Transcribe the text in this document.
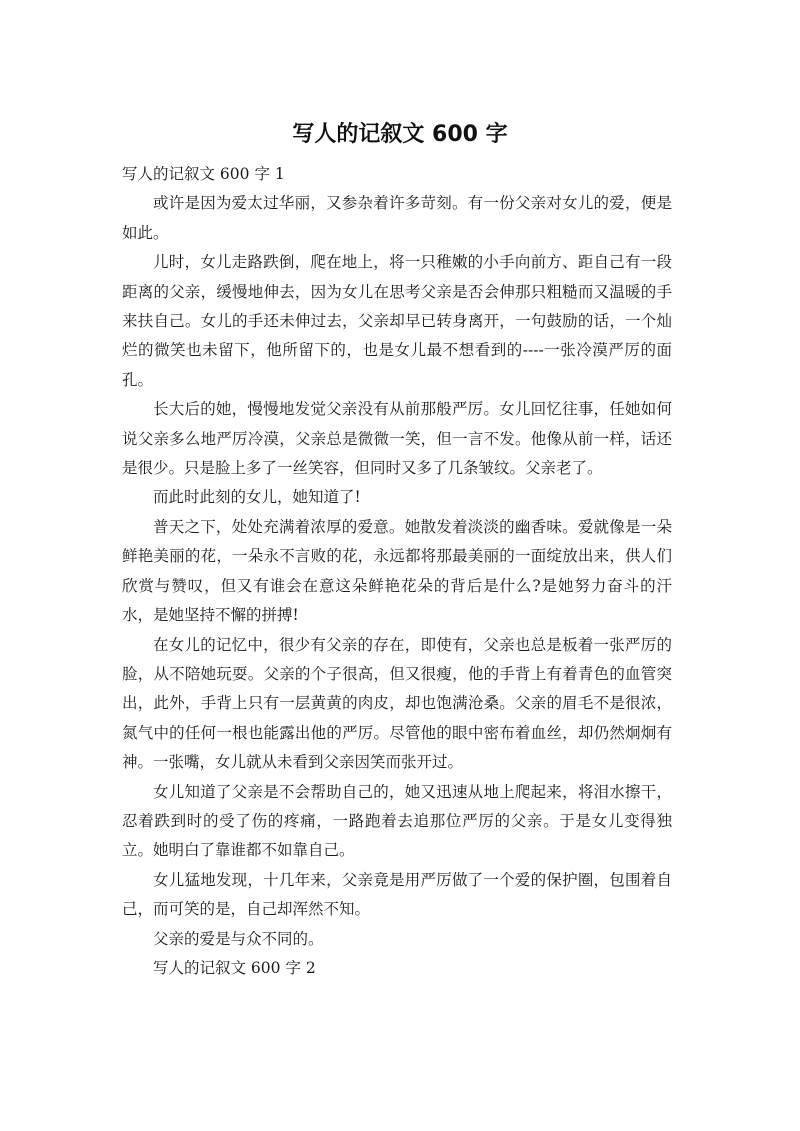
写人的记叙文 600 字

写人的记叙文 600 字 1

或许是因为爱太过华丽，又参杂着许多苛刻。有一份父亲对女儿的爱，便是如此。

儿时，女儿走路跌倒，爬在地上，将一只稚嫩的小手向前方、距自己有一段距离的父亲，缓慢地伸去，因为女儿在思考父亲是否会伸那只粗糙而又温暖的手来扶自己。女儿的手还未伸过去，父亲却早已转身离开，一句鼓励的话，一个灿烂的微笑也未留下，他所留下的，也是女儿最不想看到的----一张冷漠严厉的面孔。

长大后的她，慢慢地发觉父亲没有从前那般严厉。女儿回忆往事，任她如何说父亲多么地严厉冷漠，父亲总是微微一笑，但一言不发。他像从前一样，话还是很少。只是脸上多了一丝笑容，但同时又多了几条皱纹。父亲老了。

而此时此刻的女儿，她知道了!

普天之下，处处充满着浓厚的爱意。她散发着淡淡的幽香味。爱就像是一朵鲜艳美丽的花，一朵永不言败的花，永远都将那最美丽的一面绽放出来，供人们欣赏与赞叹，但又有谁会在意这朵鲜艳花朵的背后是什么?是她努力奋斗的汗水，是她坚持不懈的拼搏!

在女儿的记忆中，很少有父亲的存在，即使有，父亲也总是板着一张严厉的脸，从不陪她玩耍。父亲的个子很高，但又很瘦，他的手背上有着青色的血管突出，此外，手背上只有一层黄黄的肉皮，却也饱满沧桑。父亲的眉毛不是很浓，氮气中的任何一根也能露出他的严厉。尽管他的眼中密布着血丝，却仍然炯炯有神。一张嘴，女儿就从未看到父亲因笑而张开过。

女儿知道了父亲是不会帮助自己的，她又迅速从地上爬起来，将泪水擦干，忍着跌到时的受了伤的疼痛，一路跑着去追那位严厉的父亲。于是女儿变得独立。她明白了靠谁都不如靠自己。

女儿猛地发现，十几年来，父亲竟是用严厉做了一个爱的保护圈，包围着自己，而可笑的是，自己却浑然不知。

父亲的爱是与众不同的。

写人的记叙文 600 字 2
